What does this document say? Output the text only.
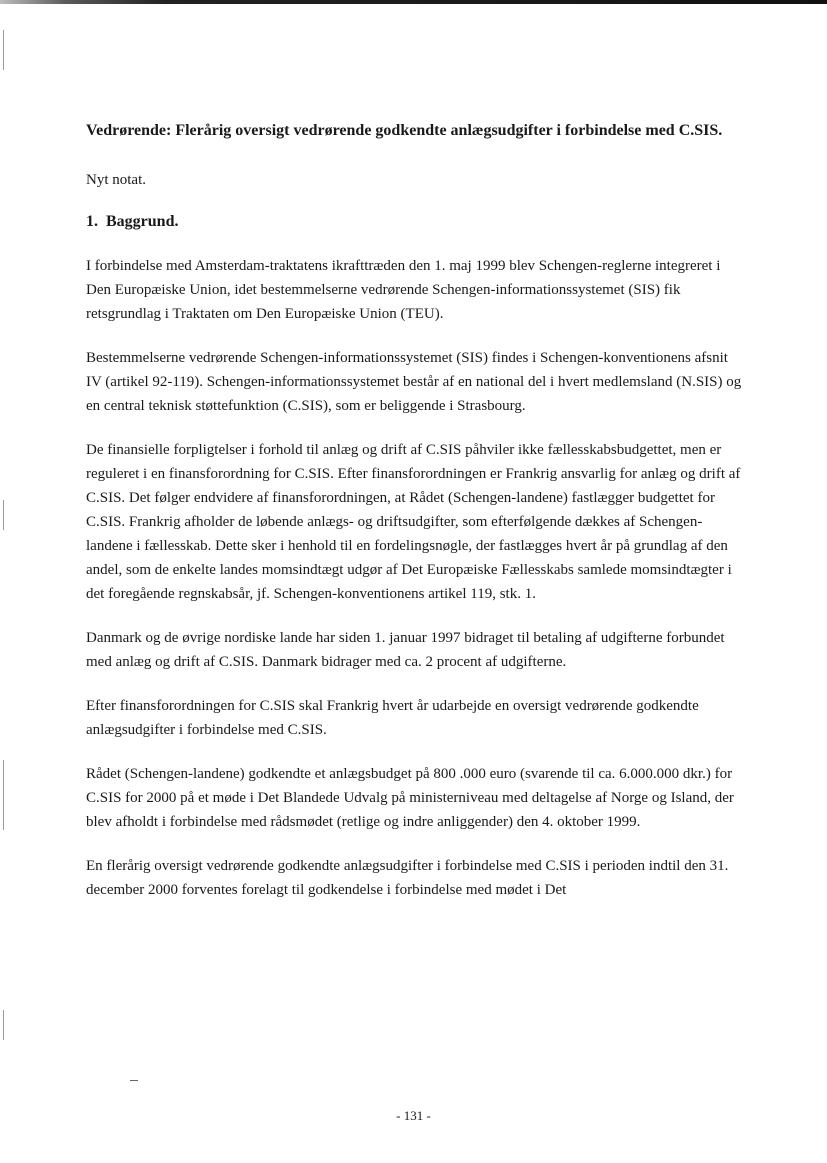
Vedrørende: Flerårig oversigt vedrørende godkendte anlægsudgifter i forbindelse med C.SIS.

Nyt notat.

1. Baggrund.

I forbindelse med Amsterdam-traktatens ikrafttræden den 1. maj 1999 blev Schengen-reglerne integreret i Den Europæiske Union, idet bestemmelserne vedrørende Schengen-informationssystemet (SIS) fik retsgrundlag i Traktaten om Den Europæiske Union (TEU).

Bestemmelserne vedrørende Schengen-informationssystemet (SIS) findes i Schengen-konventionens afsnit IV (artikel 92-119). Schengen-informationssystemet består af en national del i hvert medlemsland (N.SIS) og en central teknisk støttefunktion (C.SIS), som er beliggende i Strasbourg.

De finansielle forpligtelser i forhold til anlæg og drift af C.SIS påhviler ikke fællesskabsbudgettet, men er reguleret i en finansforordning for C.SIS. Efter finansforordningen er Frankrig ansvarlig for anlæg og drift af C.SIS. Det følger endvidere af finansforordningen, at Rådet (Schengen-landene) fastlægger budgettet for C.SIS. Frankrig afholder de løbende anlægs- og driftsudgifter, som efterfølgende dækkes af Schengen-landene i fællesskab. Dette sker i henhold til en fordelingsnøgle, der fastlægges hvert år på grundlag af den andel, som de enkelte landes momsindtægt udgør af Det Europæiske Fællesskabs samlede momsindtægter i det foregående regnskabsår, jf. Schengen-konventionens artikel 119, stk. 1.

Danmark og de øvrige nordiske lande har siden 1. januar 1997 bidraget til betaling af udgifterne forbundet med anlæg og drift af C.SIS. Danmark bidrager med ca. 2 procent af udgifterne.

Efter finansforordningen for C.SIS skal Frankrig hvert år udarbejde en oversigt vedrørende godkendte anlægsudgifter i forbindelse med C.SIS.

Rådet (Schengen-landene) godkendte et anlægsbudget på 800 .000 euro (svarende til ca. 6.000.000 dkr.) for C.SIS for 2000 på et møde i Det Blandede Udvalg på ministerniveau med deltagelse af Norge og Island, der blev afholdt i forbindelse med rådsmødet (retlige og indre anliggender) den 4. oktober 1999.

En flerårig oversigt vedrørende godkendte anlægsudgifter i forbindelse med C.SIS i perioden indtil den 31. december 2000 forventes forelagt til godkendelse i forbindelse med mødet i Det

- 131 -
